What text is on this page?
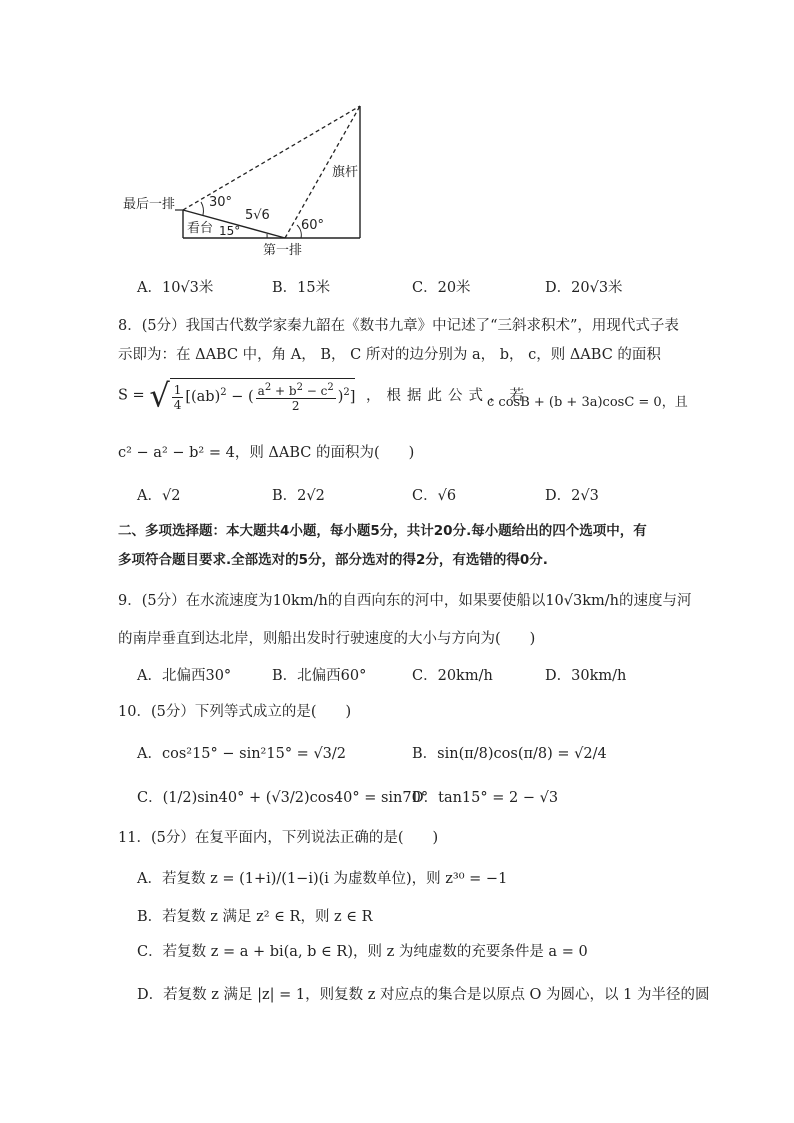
最后一排	30°
5√6
看台 15°
第一排
60°
旗杆
A．10√3米	B．15米	C．20米	D．20√3米
8．(5分）我国古代数学家秦九韶在《数书九章》中记述了“三斜求积术”，用现代式子表
示即为：在 ΔABC 中，角 A， B， C 所对的边分别为 a， b， c，则 ΔABC 的面积
S = √ $\frac{1}{4} [(ab)^2$ − ( $\frac{a^2 + b^2 - c^2}{2} )^2$] ，根据此公式，若
c cosB + (b + 3a)cosC = 0，且
c² − a² − b² = 4，则 ΔABC 的面积为(　　)
A．√2	B．2√2	C．√6	D．2√3
二、多项选择题：本大题共4小题，每小题5分，共计20分.每小题给出的四个选项中，有
多项符合题目要求.全部选对的5分，部分选对的得2分，有选错的得0分.
9．(5分）在水流速度为10km/h的自西向东的河中，如果要使船以10√3km/h的速度与河
的南岸垂直到达北岸，则船出发时行驶速度的大小与方向为(　　)
A．北偏西30°	B．北偏西60°	C．20km/h	D．30km/h
10．(5分）下列等式成立的是(　　)
A．cos²15° − sin²15° = √3/2	B．sin(π/8)cos(π/8) = √2/4
C．(1/2)sin40° + (√3/2)cos40° = sin70°
D．tan15° = 2 − √3
11．(5分）在复平面内，下列说法正确的是(　　)
A．若复数 z = (1+i)/(1−i)(i 为虚数单位)，则 z³⁰ = −1
B．若复数 z 满足 z² ∈ R，则 z ∈ R
C．若复数 z = a + bi(a, b ∈ R)，则 z 为纯虚数的充要条件是 a = 0
D．若复数 z 满足 |z| = 1，则复数 z 对应点的集合是以原点 O 为圆心，以 1 为半径的圆
